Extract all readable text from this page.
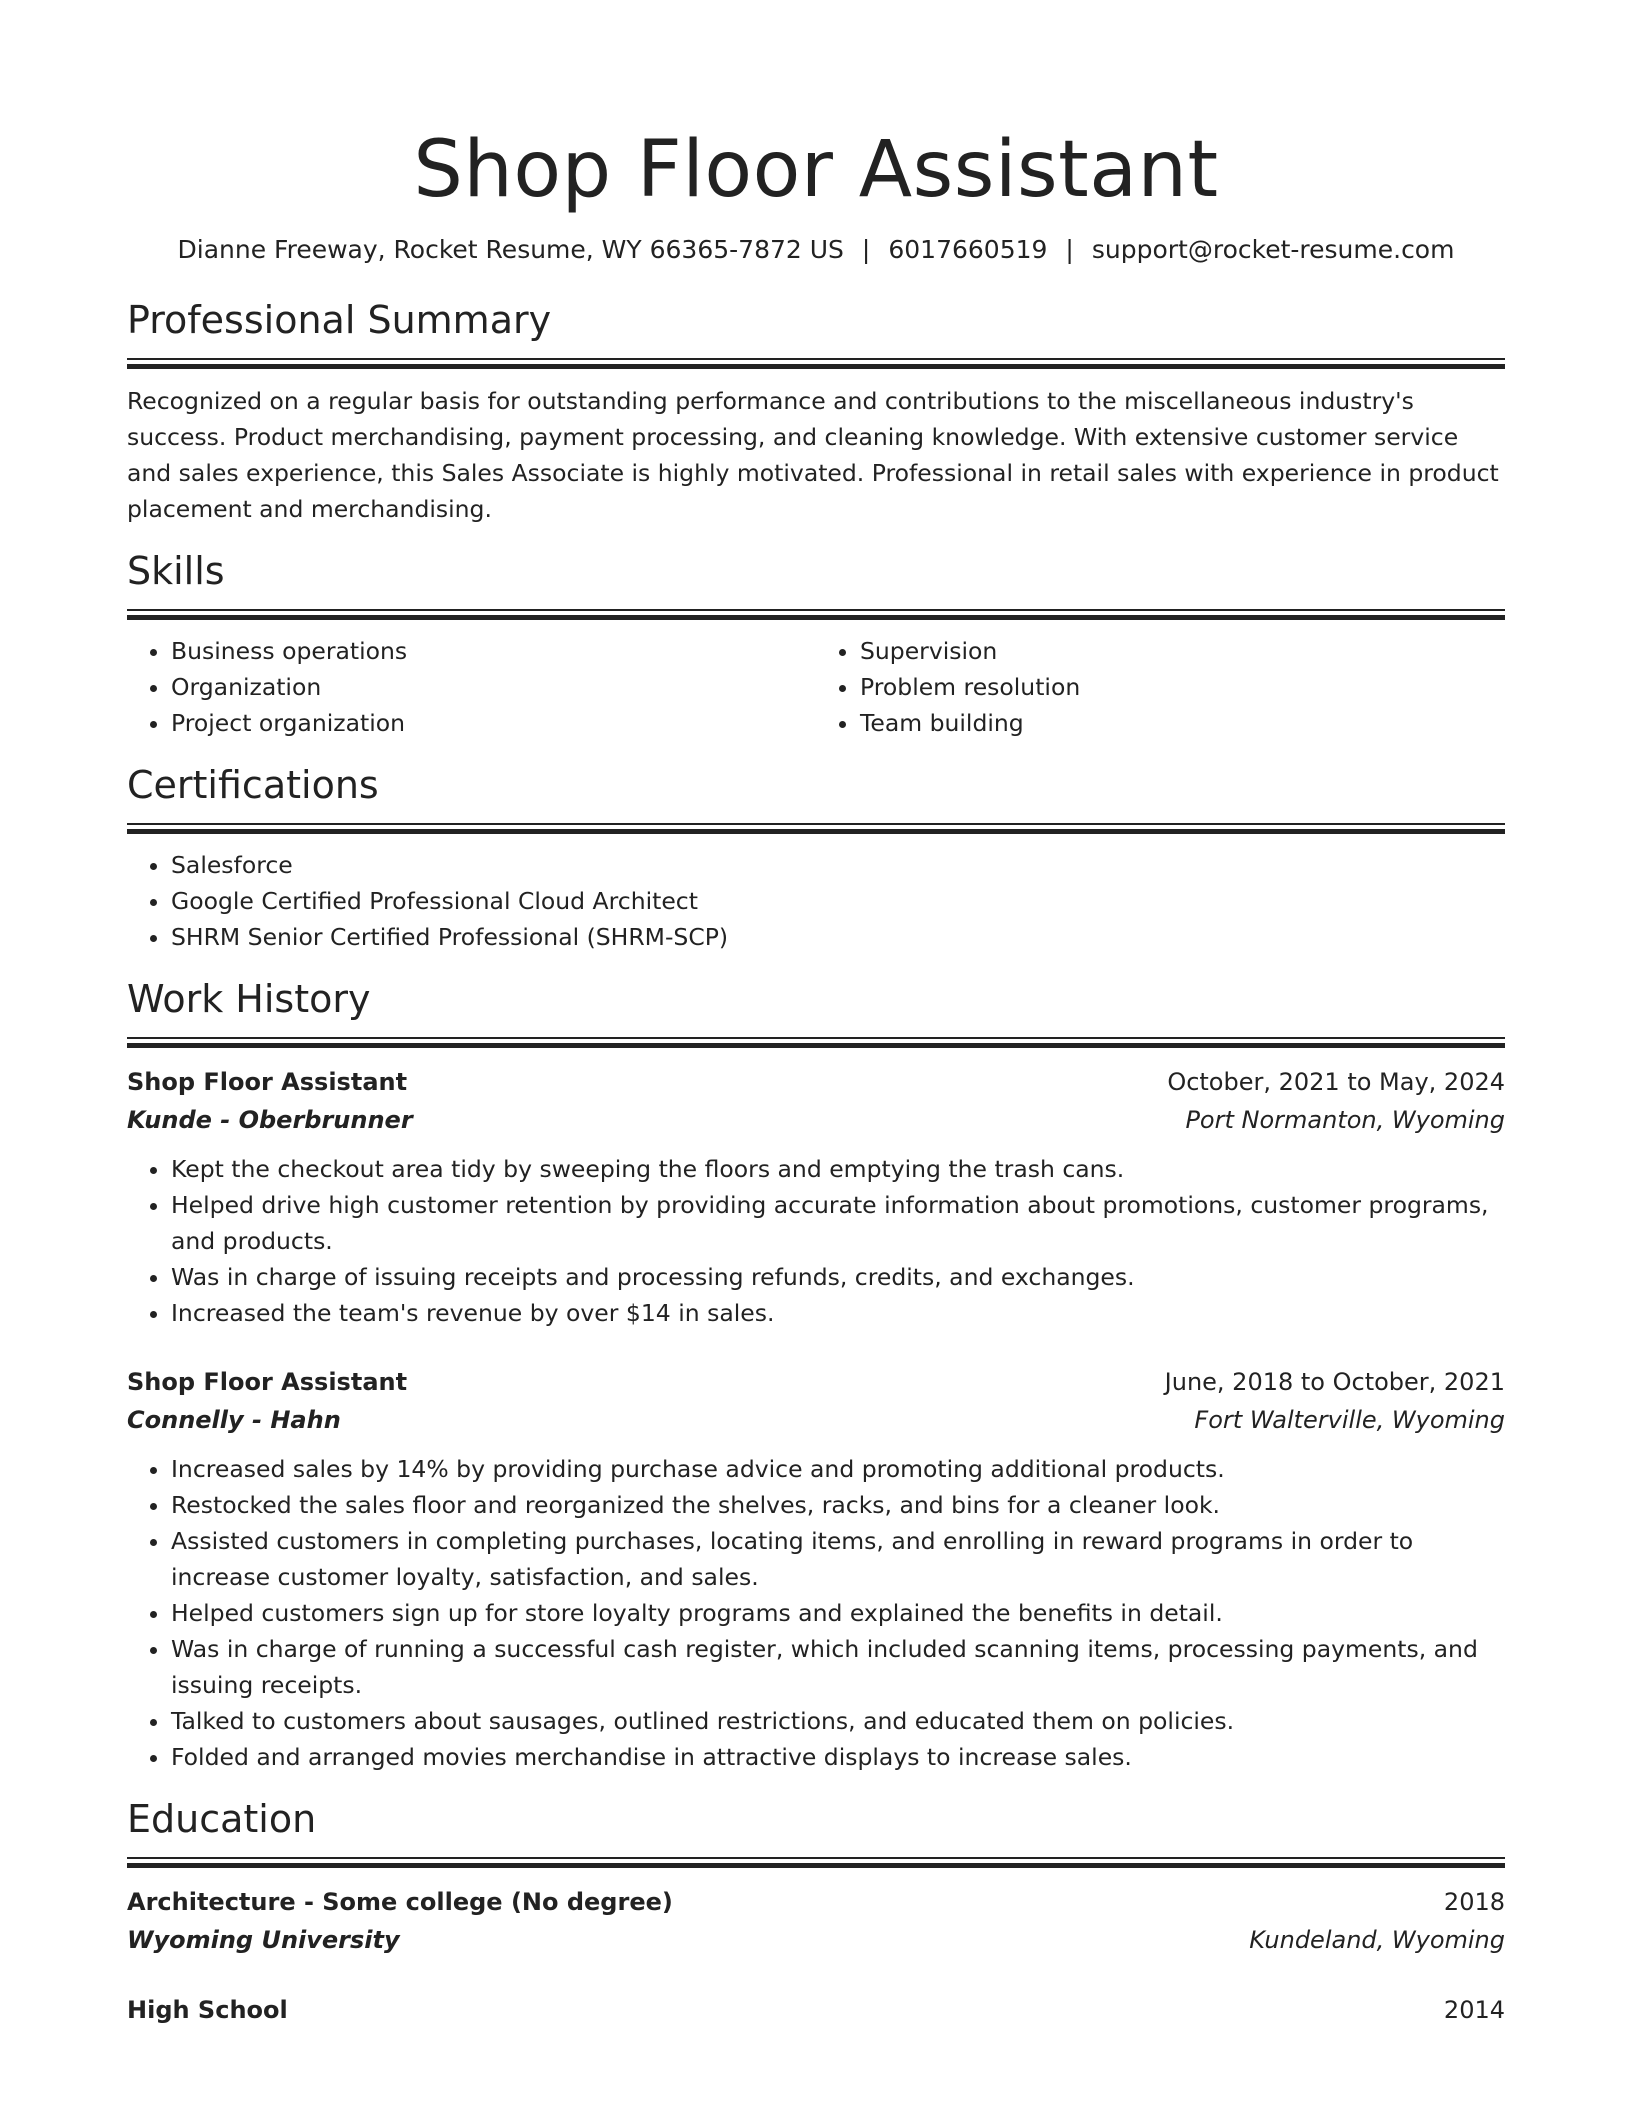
Shop Floor Assistant
Dianne Freeway, Rocket Resume, WY 66365-7872 US | 6017660519 | support@rocket-resume.com
Professional Summary
Recognized on a regular basis for outstanding performance and contributions to the miscellaneous industry's success. Product merchandising, payment processing, and cleaning knowledge. With extensive customer service and sales experience, this Sales Associate is highly motivated. Professional in retail sales with experience in product placement and merchandising.
Skills
• Business operations
• Organization
• Project organization
• Supervision
• Problem resolution
• Team building
Certifications
• Salesforce
• Google Certified Professional Cloud Architect
• SHRM Senior Certified Professional (SHRM-SCP)
Work History
Shop Floor Assistant	October, 2021 to May, 2024
Kunde - Oberbrunner	Port Normanton, Wyoming
• Kept the checkout area tidy by sweeping the floors and emptying the trash cans.
• Helped drive high customer retention by providing accurate information about promotions, customer programs, and products.
• Was in charge of issuing receipts and processing refunds, credits, and exchanges.
• Increased the team's revenue by over $14 in sales.
Shop Floor Assistant	June, 2018 to October, 2021
Connelly - Hahn	Fort Walterville, Wyoming
• Increased sales by 14% by providing purchase advice and promoting additional products.
• Restocked the sales floor and reorganized the shelves, racks, and bins for a cleaner look.
• Assisted customers in completing purchases, locating items, and enrolling in reward programs in order to increase customer loyalty, satisfaction, and sales.
• Helped customers sign up for store loyalty programs and explained the benefits in detail.
• Was in charge of running a successful cash register, which included scanning items, processing payments, and issuing receipts.
• Talked to customers about sausages, outlined restrictions, and educated them on policies.
• Folded and arranged movies merchandise in attractive displays to increase sales.
Education
Architecture - Some college (No degree)	2018
Wyoming University	Kundeland, Wyoming
High School	2014
